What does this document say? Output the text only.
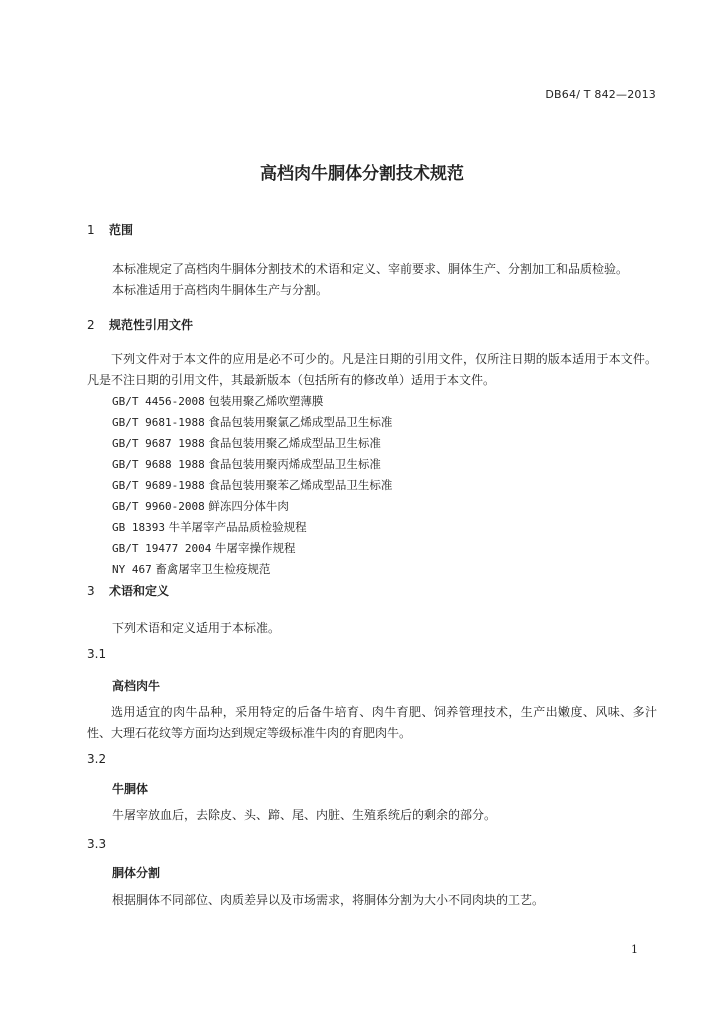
DB64/ T 842—2013
高档肉牛胴体分割技术规范
1 范围
本标准规定了高档肉牛胴体分割技术的术语和定义、宰前要求、胴体生产、分割加工和品质检验。
本标准适用于高档肉牛胴体生产与分割。
2 规范性引用文件
下列文件对于本文件的应用是必不可少的。凡是注日期的引用文件，仅所注日期的版本适用于本文件。凡是不注日期的引用文件，其最新版本（包括所有的修改单）适用于本文件。
GB/T 4456-2008 包装用聚乙烯吹塑薄膜
GB/T 9681-1988 食品包装用聚氯乙烯成型品卫生标准
GB/T 9687 1988 食品包装用聚乙烯成型品卫生标准
GB/T 9688 1988 食品包装用聚丙烯成型品卫生标准
GB/T 9689-1988 食品包装用聚苯乙烯成型品卫生标准
GB/T 9960-2008 鲜冻四分体牛肉
GB 18393 牛羊屠宰产品品质检验规程
GB/T 19477 2004 牛屠宰操作规程
NY 467 畜禽屠宰卫生检疫规范
3 术语和定义
下列术语和定义适用于本标准。
3.1
高档肉牛
选用适宜的肉牛品种，采用特定的后备牛培育、肉牛育肥、饲养管理技术，生产出嫩度、风味、多汁性、大理石花纹等方面均达到规定等级标准牛肉的育肥肉牛。
3.2
牛胴体
牛屠宰放血后，去除皮、头、蹄、尾、内脏、生殖系统后的剩余的部分。
3.3
胴体分割
根据胴体不同部位、肉质差异以及市场需求，将胴体分割为大小不同肉块的工艺。
1
